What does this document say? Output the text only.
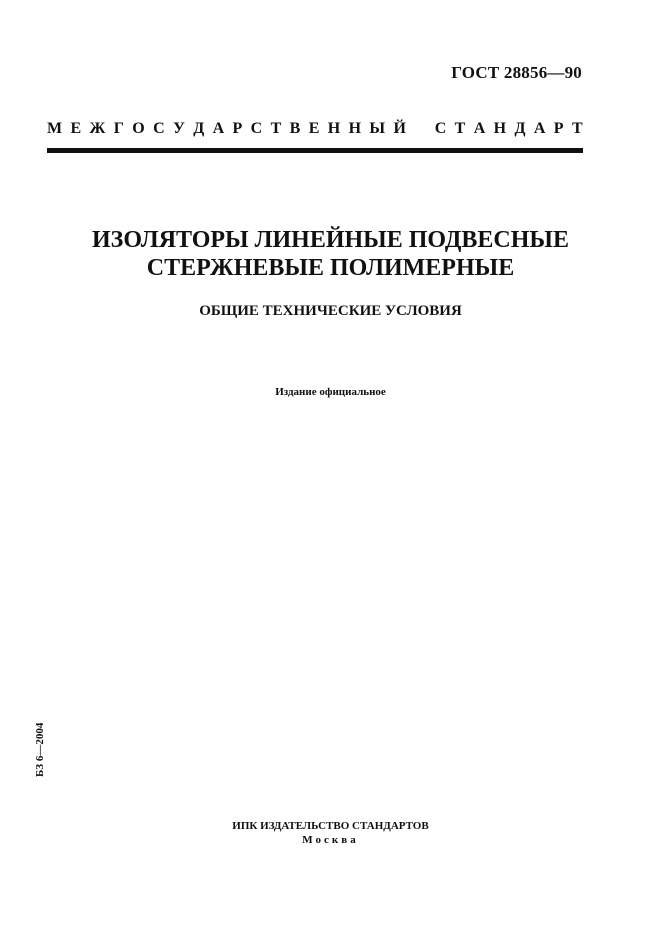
ГОСТ 28856—90
М Е Ж Г О С У Д А Р С Т В Е Н Н Ы Й С Т А Н Д А Р Т
ИЗОЛЯТОРЫ ЛИНЕЙНЫЕ ПОДВЕСНЫЕ
СТЕРЖНЕВЫЕ ПОЛИМЕРНЫЕ
ОБЩИЕ ТЕХНИЧЕСКИЕ УСЛОВИЯ
Издание официальное
БЗ 6—2004
ИПК ИЗДАТЕЛЬСТВО СТАНДАРТОВ
Москва
